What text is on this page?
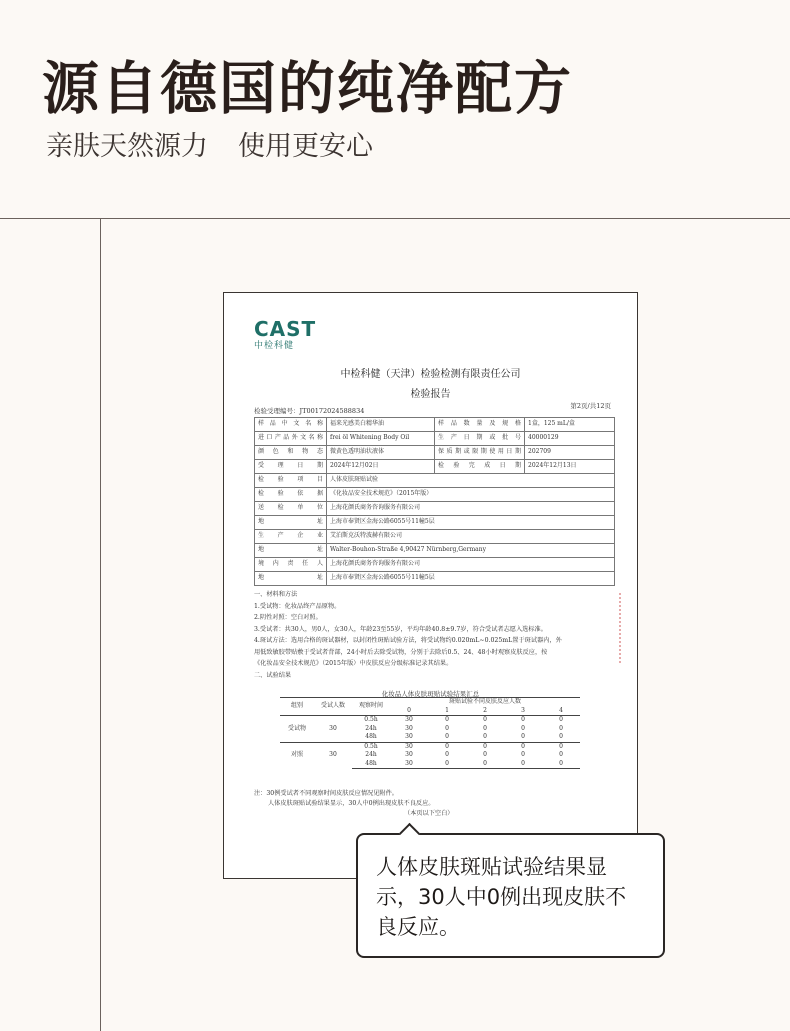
源自德国的纯净配方
亲肤天然源力 使用更安心
CAST
中检科健
中检科健（天津）检验检测有限责任公司
检验报告
第2页/共12页
检验受理编号：JT00172024588834
样品中文名称	福来光感美白精华油	样品数量及规格	1盒，125 mL/盒
进口产品外文名称	frei öl Whitening Body Oil	生产日期或批号	40000129
颜色和物态	微黄色透明油状液体	保质期或限期使用日期	202709
受理日期	2024年12月02日	检验完成日期	2024年12月13日
检验项目	人体皮肤斑贴试验		
检验依据	《化妆品安全技术规范》（2015年版）		
送检单位	上海花颜氏商务咨询服务有限公司		
地址	上海市奉贤区金海公路6055号11幢5层		
生产企业	艾泊斯克沃特波赫有限公司		
地址	Walter-Bouhon-Straße 4,90427 Nürnberg,Germany		
境内责任人	上海花颜氏商务咨询服务有限公司		
地址	上海市奉贤区金海公路6055号11幢5层		

一、材料和方法

1.受试物：化妆品终产品原物。

2.阴性对照：空白对照。

3.受试者：共30人，男0人，女30人，年龄23至55岁，平均年龄40.8±9.7岁，符合受试者志愿入选标准。

4.斑试方法：选用合格的斑试器材，以封闭性斑贴试验方法，将受试物约0.020mL~0.025mL置于斑试器内，外

用低致敏胶带贴敷于受试者背部，24小时后去除受试物，分别于去除后0.5、24、48小时观察皮肤反应，按

《化妆品安全技术规范》（2015年版）中皮肤反应分级标准记录其结果。

二、试验结果

化妆品人体皮肤斑贴试验结果汇总
组别	受试人数	观察时间	斑贴试验不同皮肤反应人数				
			0	1	2	3	4
受试物	30	0.5h	30	0	0	0	0
		24h	30	0	0	0	0
		48h	30	0	0	0	0
对照	30	0.5h	30	0	0	0	0
		24h	30	0	0	0	0
		48h	30	0	0	0	0

注：30例受试者不同观察时间皮肤反应情况见附件。

人体皮肤斑贴试验结果显示，30人中0例出现皮肤不良反应。

（本页以下空白）

人体皮肤斑贴试验结果显示，30人中0例出现皮肤不良反应。
